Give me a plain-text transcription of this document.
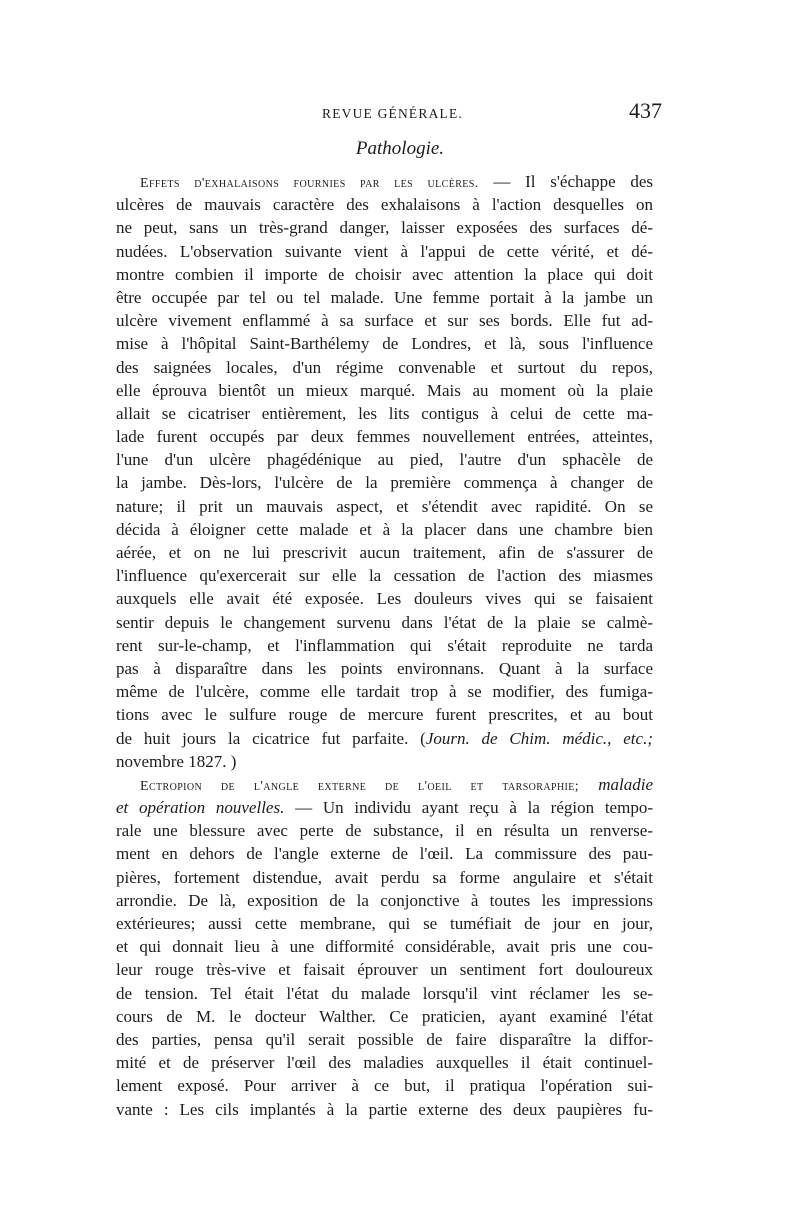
REVUE GÉNÉRALE.	437
Pathologie.
Effets d'exhalaisons fournies par les ulcères. — Il s'échappe des
ulcères de mauvais caractère des exhalaisons à l'action desquelles on
ne peut, sans un très-grand danger, laisser exposées des surfaces dé-
nudées. L'observation suivante vient à l'appui de cette vérité, et dé-
montre combien il importe de choisir avec attention la place qui doit
être occupée par tel ou tel malade. Une femme portait à la jambe un
ulcère vivement enflammé à sa surface et sur ses bords. Elle fut ad-
mise à l'hôpital Saint-Barthélemy de Londres, et là, sous l'influence
des saignées locales, d'un régime convenable et surtout du repos,
elle éprouva bientôt un mieux marqué. Mais au moment où la plaie
allait se cicatriser entièrement, les lits contigus à celui de cette ma-
lade furent occupés par deux femmes nouvellement entrées, atteintes,
l'une d'un ulcère phagédénique au pied, l'autre d'un sphacèle de
la jambe. Dès-lors, l'ulcère de la première commença à changer de
nature; il prit un mauvais aspect, et s'étendit avec rapidité. On se
décida à éloigner cette malade et à la placer dans une chambre bien
aérée, et on ne lui prescrivit aucun traitement, afin de s'assurer de
l'influence qu'exercerait sur elle la cessation de l'action des miasmes
auxquels elle avait été exposée. Les douleurs vives qui se faisaient
sentir depuis le changement survenu dans l'état de la plaie se calmè-
rent sur-le-champ, et l'inflammation qui s'était reproduite ne tarda
pas à disparaître dans les points environnans. Quant à la surface
même de l'ulcère, comme elle tardait trop à se modifier, des fumiga-
tions avec le sulfure rouge de mercure furent prescrites, et au bout
de huit jours la cicatrice fut parfaite. (Journ. de Chim. médic., etc.;
novembre 1827. )
Ectropion de l'angle externe de l'oeil et tarsoraphie; maladie
et opération nouvelles. — Un individu ayant reçu à la région tempo-
rale une blessure avec perte de substance, il en résulta un renverse-
ment en dehors de l'angle externe de l'œil. La commissure des pau-
pières, fortement distendue, avait perdu sa forme angulaire et s'était
arrondie. De là, exposition de la conjonctive à toutes les impressions
extérieures; aussi cette membrane, qui se tuméfiait de jour en jour,
et qui donnait lieu à une difformité considérable, avait pris une cou-
leur rouge très-vive et faisait éprouver un sentiment fort douloureux
de tension. Tel était l'état du malade lorsqu'il vint réclamer les se-
cours de M. le docteur Walther. Ce praticien, ayant examiné l'état
des parties, pensa qu'il serait possible de faire disparaître la diffor-
mité et de préserver l'œil des maladies auxquelles il était continuel-
lement exposé. Pour arriver à ce but, il pratiqua l'opération sui-
vante : Les cils implantés à la partie externe des deux paupières fu-
